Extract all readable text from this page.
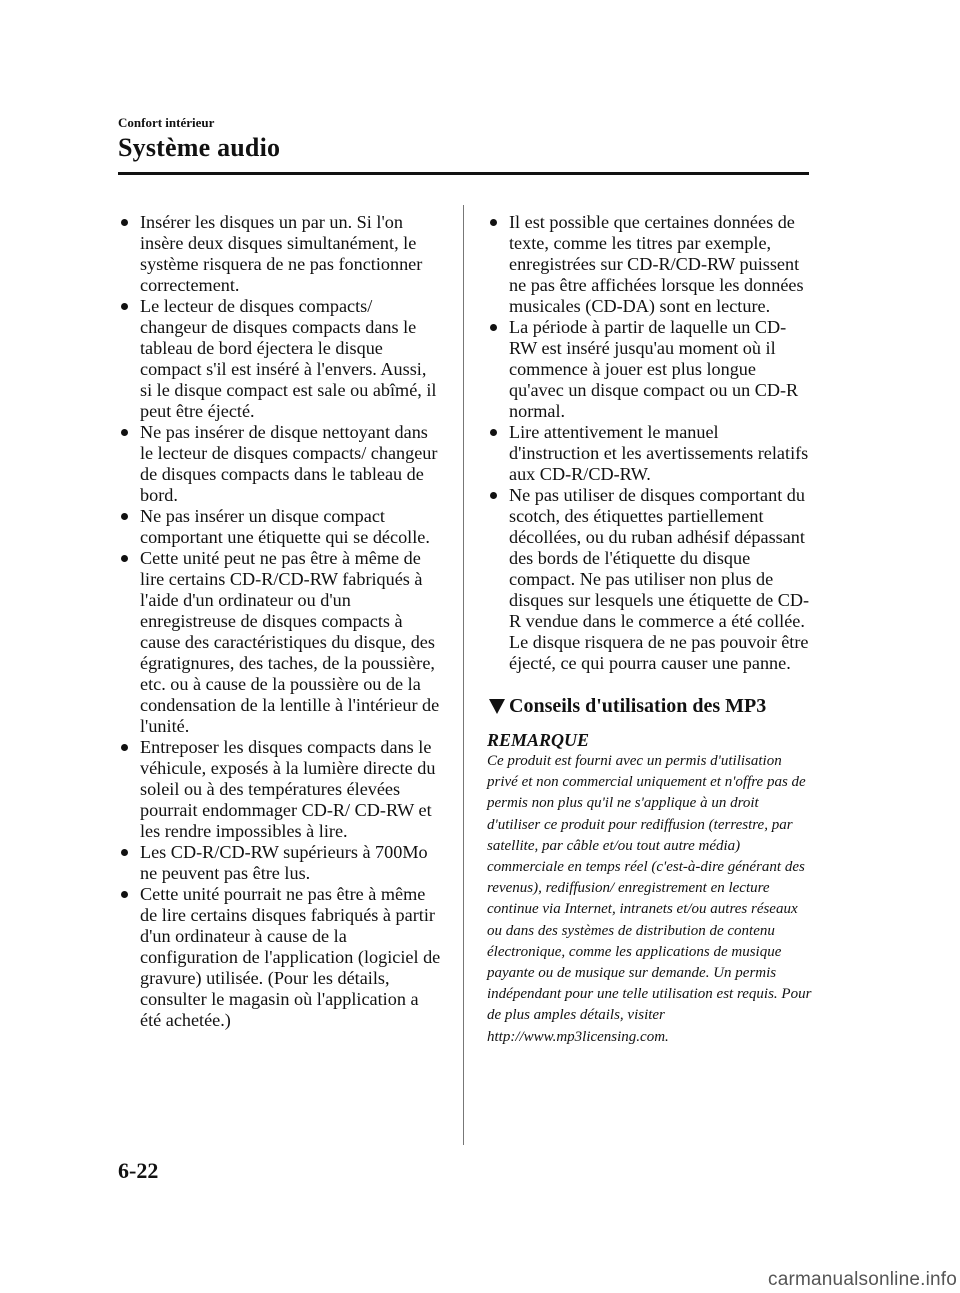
Confort intérieur
Système audio
Insérer les disques un par un. Si l'on insère deux disques simultanément, le système risquera de ne pas fonctionner correctement.
Le lecteur de disques compacts/ changeur de disques compacts dans le tableau de bord éjectera le disque compact s'il est inséré à l'envers. Aussi, si le disque compact est sale ou abîmé, il peut être éjecté.
Ne pas insérer de disque nettoyant dans le lecteur de disques compacts/ changeur de disques compacts dans le tableau de bord.
Ne pas insérer un disque compact comportant une étiquette qui se décolle.
Cette unité peut ne pas être à même de lire certains CD-R/CD-RW fabriqués à l'aide d'un ordinateur ou d'un enregistreuse de disques compacts à cause des caractéristiques du disque, des égratignures, des taches, de la poussière, etc. ou à cause de la poussière ou de la condensation de la lentille à l'intérieur de l'unité.
Entreposer les disques compacts dans le véhicule, exposés à la lumière directe du soleil ou à des températures élevées pourrait endommager CD-R/ CD-RW et les rendre impossibles à lire.
Les CD-R/CD-RW supérieurs à 700Mo ne peuvent pas être lus.
Cette unité pourrait ne pas être à même de lire certains disques fabriqués à partir d'un ordinateur à cause de la configuration de l'application (logiciel de gravure) utilisée. (Pour les détails, consulter le magasin où l'application a été achetée.)
Il est possible que certaines données de texte, comme les titres par exemple, enregistrées sur CD-R/CD-RW puissent ne pas être affichées lorsque les données musicales (CD-DA) sont en lecture.
La période à partir de laquelle un CD-RW est inséré jusqu'au moment où il commence à jouer est plus longue qu'avec un disque compact ou un CD-R normal.
Lire attentivement le manuel d'instruction et les avertissements relatifs aux CD-R/CD-RW.
Ne pas utiliser de disques comportant du scotch, des étiquettes partiellement décollées, ou du ruban adhésif dépassant des bords de l'étiquette du disque compact. Ne pas utiliser non plus de disques sur lesquels une étiquette de CD-R vendue dans le commerce a été collée. Le disque risquera de ne pas pouvoir être éjecté, ce qui pourra causer une panne.
Conseils d'utilisation des MP3
REMARQUE
Ce produit est fourni avec un permis d'utilisation privé et non commercial uniquement et n'offre pas de permis non plus qu'il ne s'applique à un droit d'utiliser ce produit pour rediffusion (terrestre, par satellite, par câble et/ou tout autre média) commerciale en temps réel (c'est-à-dire générant des revenus), rediffusion/ enregistrement en lecture continue via Internet, intranets et/ou autres réseaux ou dans des systèmes de distribution de contenu électronique, comme les applications de musique payante ou de musique sur demande. Un permis indépendant pour une telle utilisation est requis. Pour de plus amples détails, visiter http://www.mp3licensing.com.
6-22
carmanualsonline.info
